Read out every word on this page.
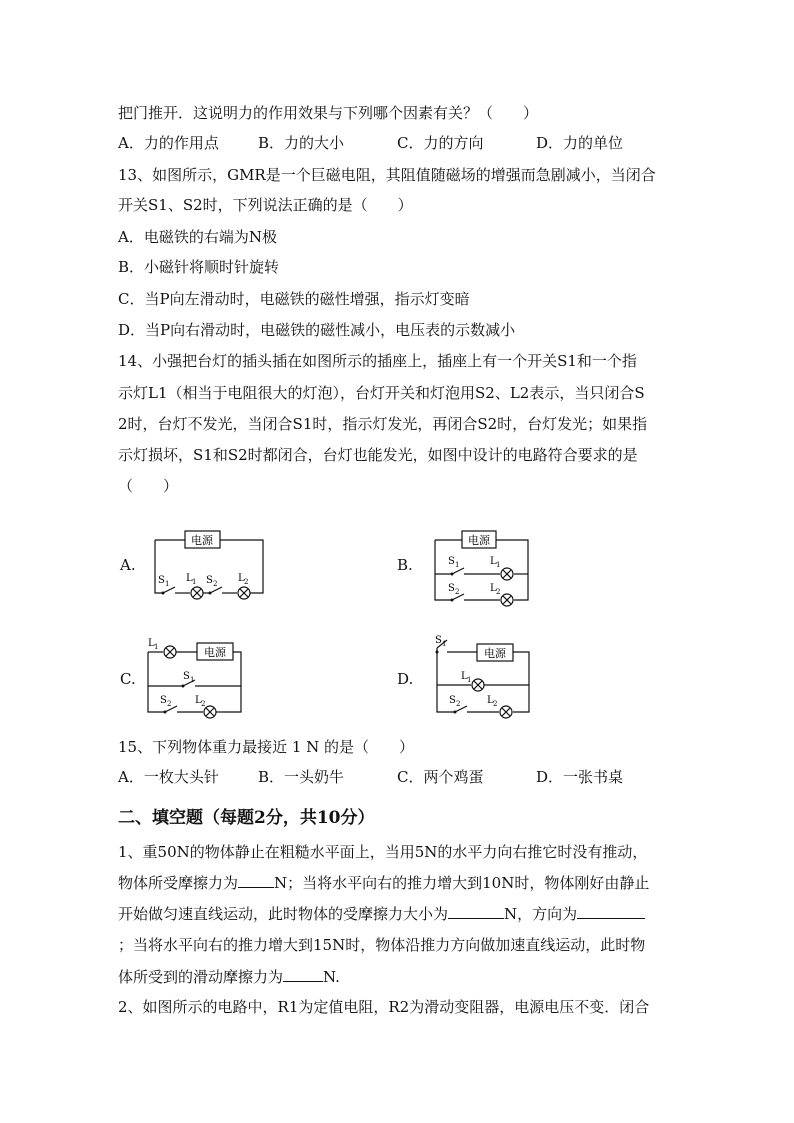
把门推开．这说明力的作用效果与下列哪个因素有关？（　　）
A．力的作用点	B．力的大小	C．力的方向	D．力的单位
13、如图所示，GMR是一个巨磁电阻，其阻值随磁场的增强而急剧减小，当闭合
开关S1、S2时，下列说法正确的是（　　）
A．电磁铁的右端为N极
B．小磁针将顺时针旋转
C．当P向左滑动时，电磁铁的磁性增强，指示灯变暗
D．当P向右滑动时，电磁铁的磁性减小，电压表的示数减小
14、小强把台灯的插头插在如图所示的插座上，插座上有一个开关S1和一个指
示灯L1（相当于电阻很大的灯泡），台灯开关和灯泡用S2、L2表示，当只闭合S
2时，台灯不发光，当闭合S1时，指示灯发光，再闭合S2时，台灯发光；如果指
示灯损坏，S1和S2时都闭合，台灯也能发光，如图中设计的电路符合要求的是
（　　）
A.	B.
C.	D.
电源
S 1 L 1 S 2 L 2
电源
S 1	L 1
S 2	L 2
电源
L 1
S 1
S 2 L 2
电源
S 1
L 1
S 2	L 2
15、下列物体重力最接近 1 N 的是（　　）
A．一枚大头针	B．一头奶牛	C．两个鸡蛋	D．一张书桌
二、填空题（每题2分，共10分）
1、重50N的物体静止在粗糙水平面上，当用5N的水平力向右推它时没有推动，
物体所受摩擦力为 N；当将水平向右的推力增大到10N时，物体刚好由静止
开始做匀速直线运动，此时物体的受摩擦力大小为	N，方向为
；当将水平向右的推力增大到15N时，物体沿推力方向做加速直线运动，此时物
体所受到的滑动摩擦力为	N.
2、如图所示的电路中，R1为定值电阻，R2为滑动变阻器，电源电压不变．闭合
